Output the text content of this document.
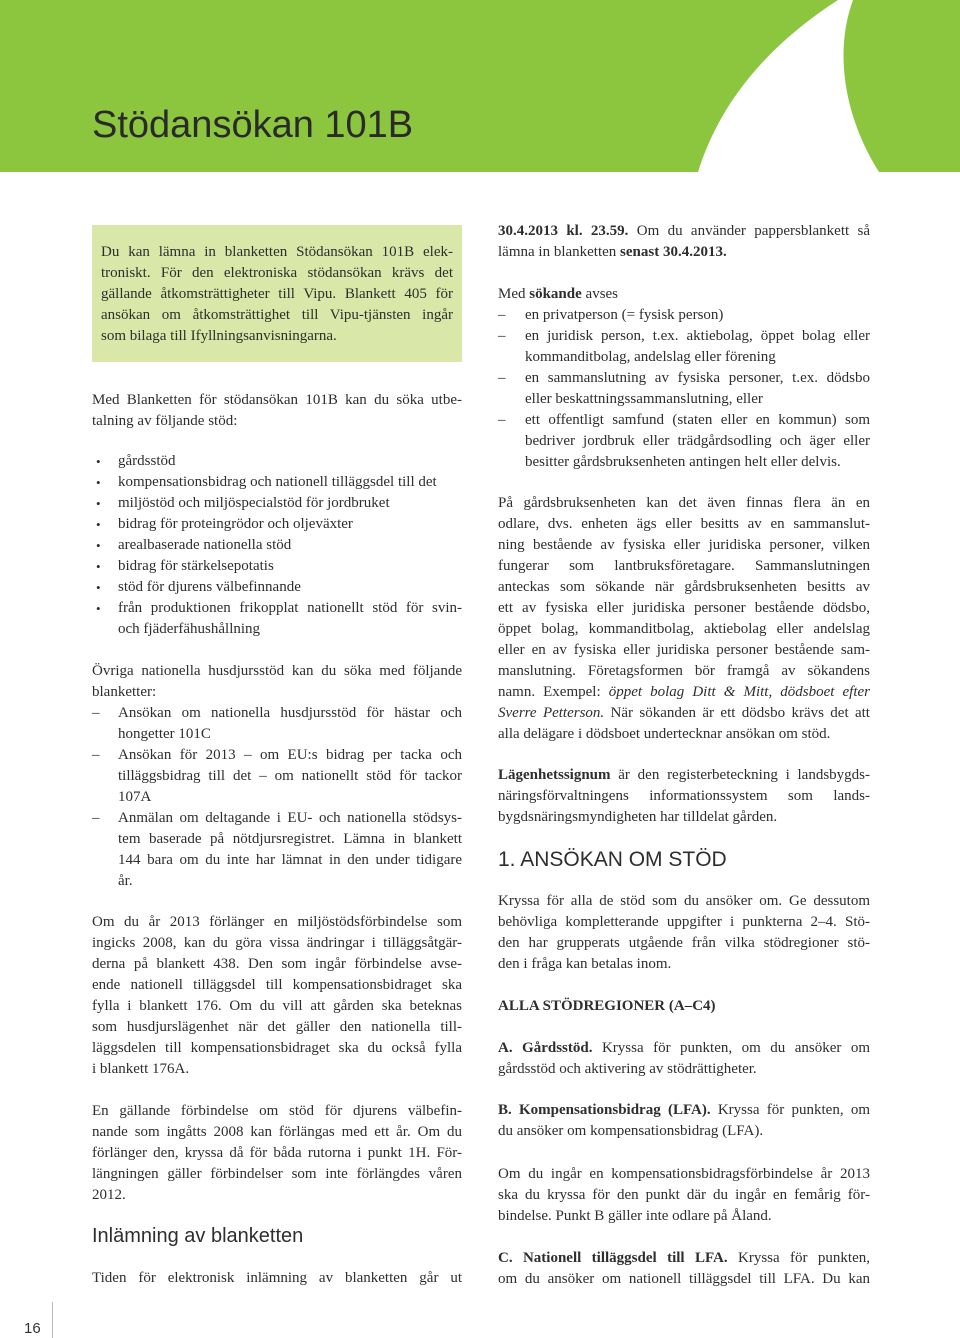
Stödansökan 101B
Du kan lämna in blanketten Stödansökan 101B elek-
troniskt. För den elektroniska stödansökan krävs det
gällande åtkomsträttigheter till Vipu. Blankett 405 för
ansökan om åtkomsträttighet till Vipu-tjänsten ingår
som bilaga till Ifyllningsanvisningarna.
Med Blanketten för stödansökan 101B kan du söka utbe-
talning av följande stöd:
• gårdsstöd
• kompensationsbidrag och nationell tilläggsdel till det
• miljöstöd och miljöspecialstöd för jordbruket
• bidrag för proteingrödor och oljeväxter
• arealbaserade nationella stöd
• bidrag för stärkelsepotatis
• stöd för djurens välbefinnande
• från produktionen frikopplat nationellt stöd för svin-
och fjäderfähushållning
Övriga nationella husdjursstöd kan du söka med följande
blanketter:
– Ansökan om nationella husdjursstöd för hästar och
hongetter 101C
– Ansökan för 2013 – om EU:s bidrag per tacka och
tilläggsbidrag till det – om nationellt stöd för tackor
107A
– Anmälan om deltagande i EU- och nationella stödsys-
tem baserade på nötdjursregistret. Lämna in blankett
144 bara om du inte har lämnat in den under tidigare
år.
Om du år 2013 förlänger en miljöstödsförbindelse som
ingicks 2008, kan du göra vissa ändringar i tilläggsåtgär-
derna på blankett 438. Den som ingår förbindelse avse-
ende nationell tilläggsdel till kompensationsbidraget ska
fylla i blankett 176. Om du vill att gården ska beteknas
som husdjurslägenhet när det gäller den nationella till-
läggsdelen till kompensationsbidraget ska du också fylla
i blankett 176A.
En gällande förbindelse om stöd för djurens välbefin-
nande som ingåtts 2008 kan förlängas med ett år. Om du
förlänger den, kryssa då för båda rutorna i punkt 1H. För-
längningen gäller förbindelser som inte förlängdes våren
2012.
Inlämning av blanketten
Tiden för elektronisk inlämning av blanketten går ut
30.4.2013 kl. 23.59. Om du använder pappersblankett så
lämna in blanketten senast 30.4.2013.
Med sökande avses
– en privatperson (= fysisk person)
– en juridisk person, t.ex. aktiebolag, öppet bolag eller
kommanditbolag, andelslag eller förening
– en sammanslutning av fysiska personer, t.ex. dödsbo
eller beskattningssammanslutning, eller
– ett offentligt samfund (staten eller en kommun) som
bedriver jordbruk eller trädgårdsodling och äger eller
besitter gårdsbruksenheten antingen helt eller delvis.
På gårdsbruksenheten kan det även finnas flera än en
odlare, dvs. enheten ägs eller besitts av en sammanslut-
ning bestående av fysiska eller juridiska personer, vilken
fungerar som lantbruksföretagare. Sammanslutningen
anteckas som sökande när gårdsbruksenheten besitts av
ett av fysiska eller juridiska personer bestående dödsbo,
öppet bolag, kommanditbolag, aktiebolag eller andelslag
eller en av fysiska eller juridiska personer bestående sam-
manslutning. Företagsformen bör framgå av sökandens
namn. Exempel: öppet bolag Ditt & Mitt, dödsboet efter
Sverre Petterson. När sökanden är ett dödsbo krävs det att
alla delägare i dödsboet undertecknar ansökan om stöd.
Lägenhetssignum är den registerbeteckning i landsbygds-
näringsförvaltningens informationssystem som lands-
bygdsnäringsmyndigheten har tilldelat gården.
1. ANSÖKAN OM STÖD
Kryssa för alla de stöd som du ansöker om. Ge dessutom
behövliga kompletterande uppgifter i punkterna 2–4. Stö-
den har grupperats utgående från vilka stödregioner stö-
den i fråga kan betalas inom.
ALLA STÖDREGIONER (A–C4)
A. Gårdsstöd. Kryssa för punkten, om du ansöker om
gårdsstöd och aktivering av stödrättigheter.
B. Kompensationsbidrag (LFA). Kryssa för punkten, om
du ansöker om kompensationsbidrag (LFA).
Om du ingår en kompensationsbidragsförbindelse år 2013
ska du kryssa för den punkt där du ingår en femårig för-
bindelse. Punkt B gäller inte odlare på Åland.
C. Nationell tilläggsdel till LFA. Kryssa för punkten,
om du ansöker om nationell tilläggsdel till LFA. Du kan
16
